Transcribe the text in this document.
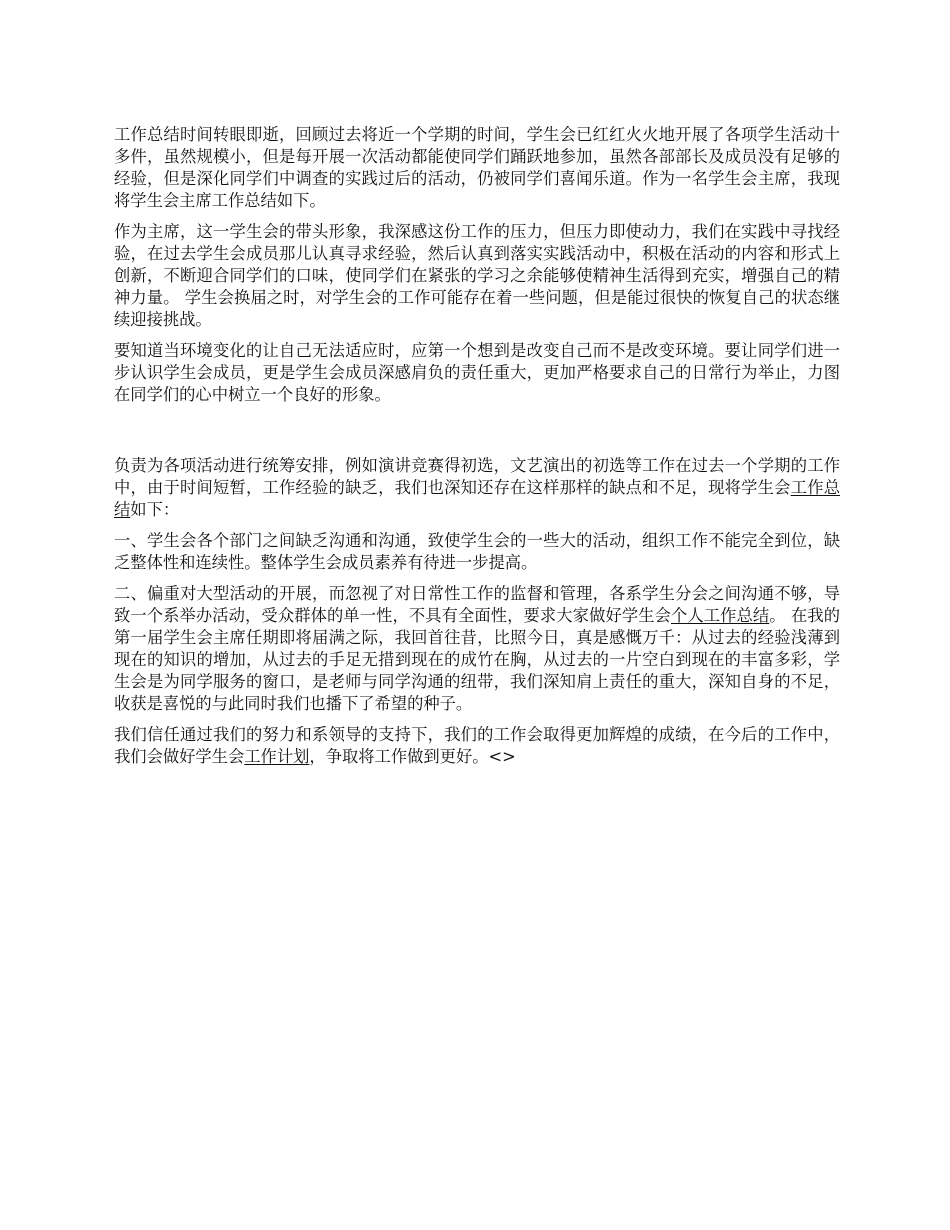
工作总结时间转眼即逝，回顾过去将近一个学期的时间，学生会已红红火火地开展了各项学生活动十多件，虽然规模小，但是每开展一次活动都能使同学们踊跃地参加，虽然各部部长及成员没有足够的经验，但是深化同学们中调查的实践过后的活动，仍被同学们喜闻乐道。作为一名学生会主席，我现将学生会主席工作总结如下。

作为主席，这一学生会的带头形象，我深感这份工作的压力，但压力即使动力，我们在实践中寻找经验，在过去学生会成员那儿认真寻求经验，然后认真到落实实践活动中，积极在活动的内容和形式上创新，不断迎合同学们的口味，使同学们在紧张的学习之余能够使精神生活得到充实，增强自己的精神力量。 学生会换届之时，对学生会的工作可能存在着一些问题，但是能过很快的恢复自己的状态继续迎接挑战。

要知道当环境变化的让自己无法适应时，应第一个想到是改变自己而不是改变环境。要让同学们进一步认识学生会成员，更是学生会成员深感肩负的责任重大，更加严格要求自己的日常行为举止，力图在同学们的心中树立一个良好的形象。

负责为各项活动进行统筹安排，例如演讲竞赛得初选，文艺演出的初选等工作在过去一个学期的工作中，由于时间短暂，工作经验的缺乏，我们也深知还存在这样那样的缺点和不足，现将学生会工作总结如下：

一、学生会各个部门之间缺乏沟通和沟通，致使学生会的一些大的活动，组织工作不能完全到位，缺乏整体性和连续性。整体学生会成员素养有待进一步提高。

二、偏重对大型活动的开展，而忽视了对日常性工作的监督和管理，各系学生分会之间沟通不够，导致一个系举办活动，受众群体的单一性，不具有全面性，要求大家做好学生会个人工作总结。 在我的第一届学生会主席任期即将届满之际，我回首往昔，比照今日，真是感慨万千：从过去的经验浅薄到现在的知识的增加，从过去的手足无措到现在的成竹在胸，从过去的一片空白到现在的丰富多彩，学生会是为同学服务的窗口，是老师与同学沟通的纽带，我们深知肩上责任的重大，深知自身的不足，收获是喜悦的与此同时我们也播下了希望的种子。

我们信任通过我们的努力和系领导的支持下，我们的工作会取得更加辉煌的成绩，在今后的工作中，我们会做好学生会工作计划，争取将工作做到更好。<>
